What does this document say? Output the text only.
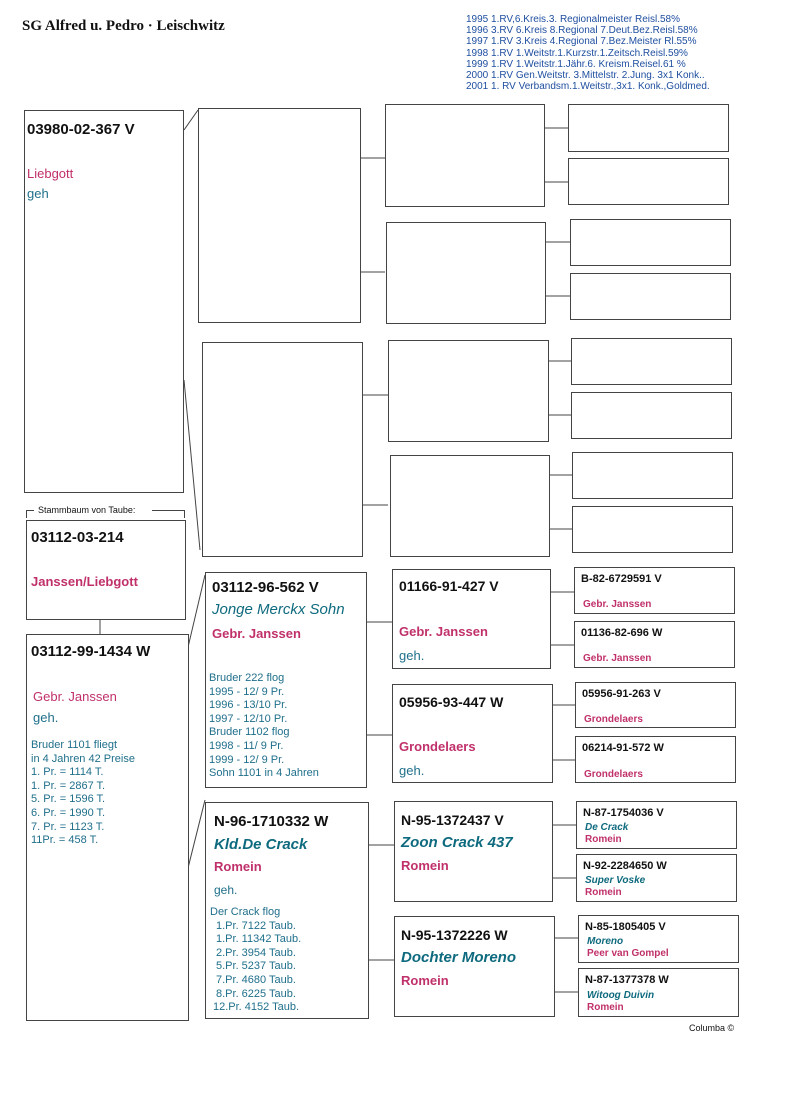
SG Alfred u. Pedro · Leischwitz	1995 1.RV,6.Kreis.3. Regionalmeister Reisl.58%
1996 3.RV 6.Kreis 8.Regional 7.Deut.Bez.Reisl.58%
1997 1.RV 3.Kreis 4.Regional 7.Bez.Meister Rl.55%
1998 1.RV 1.Weitstr.1.Kurzstr.1.Zeitsch.Reisl.59%
1999 1.RV 1.Weitstr.1.Jähr.6. Kreism.Reisel.61 %
2000 1.RV Gen.Weitstr. 3.Mittelstr. 2.Jung. 3x1 Konk..
2001 1. RV Verbandsm.1.Weitstr.,3x1. Konk.,Goldmed.
03980-02-367 V
Liebgott
geh
Stammbaum von Taube:
03112-03-214
Janssen/Liebgott
03112-99-1434 W
Gebr. Janssen
geh.
Bruder 1101 fliegt
in 4 Jahren 42 Preise
1. Pr. = 1114 T.
1. Pr. = 2867 T.
5. Pr. = 1596 T.
6. Pr. = 1990 T.
7. Pr. = 1123 T.
11Pr. = 458 T.
03112-96-562 V
Jonge Merckx Sohn
Gebr. Janssen
Bruder 222 flog
1995 - 12/ 9 Pr.
1996 - 13/10 Pr.
1997 - 12/10 Pr.
Bruder 1102 flog
1998 - 11/ 9 Pr.
1999 - 12/ 9 Pr.
Sohn 1101 in 4 Jahren
N-96-1710332 W
Kld.De Crack
Romein
geh.
Der Crack flog
1.Pr. 7122 Taub.
1.Pr. 11342 Taub.
2.Pr. 3954 Taub.
5.Pr. 5237 Taub.
7.Pr. 4680 Taub.
8.Pr. 6225 Taub.
12.Pr. 4152 Taub.
01166-91-427 V
Gebr. Janssen
geh.
05956-93-447 W
Grondelaers
geh.
N-95-1372437 V
Zoon Crack 437
Romein
N-95-1372226 W
Dochter Moreno
Romein
B-82-6729591 V
Gebr. Janssen
01136-82-696 W
Gebr. Janssen
05956-91-263 V
Grondelaers
06214-91-572 W
Grondelaers
N-87-1754036 V
De Crack
Romein
N-92-2284650 W
Super Voske
Romein
N-85-1805405 V
Moreno
Peer van Gompel
N-87-1377378 W
Witoog Duivin
Romein
Columba ©
